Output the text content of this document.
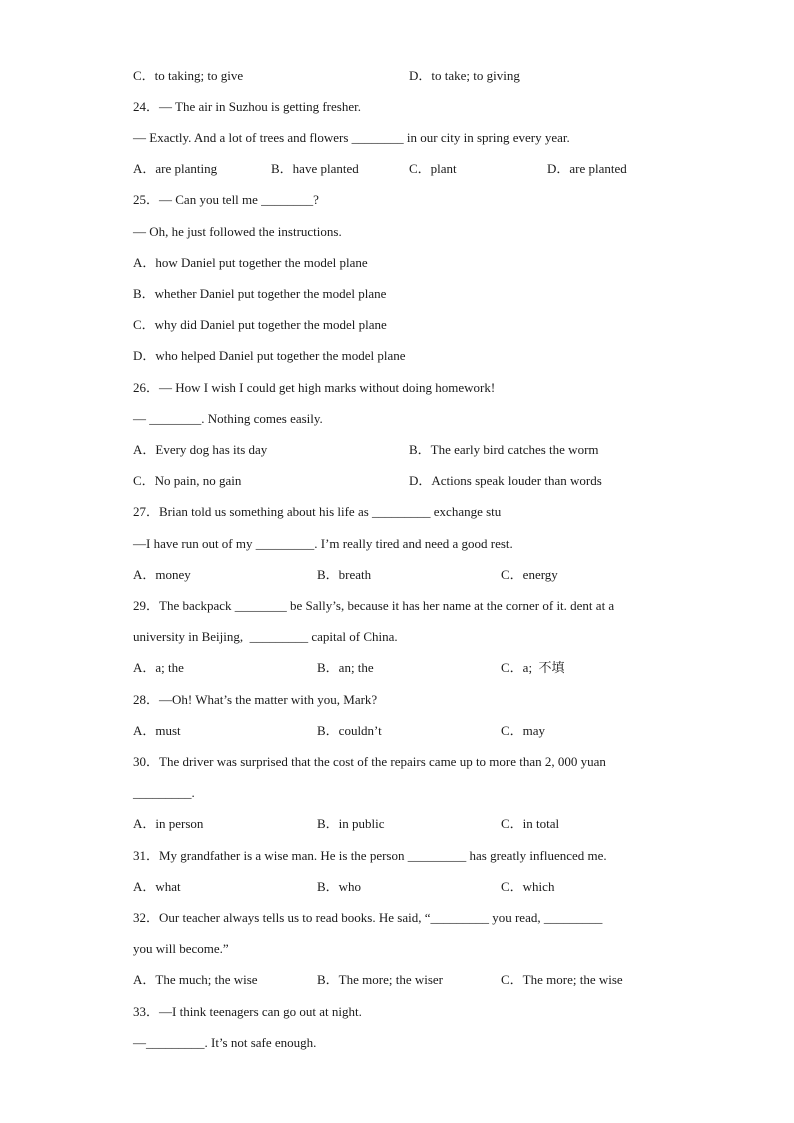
C．to taking; to give	D．to take; to giving
24．— The air in Suzhou is getting fresher.
— Exactly. And a lot of trees and flowers ________ in our city in spring every year.
A．are planting	B．have planted	C．plant	D．are planted
25．— Can you tell me ________?
— Oh, he just followed the instructions.
A．how Daniel put together the model plane
B．whether Daniel put together the model plane
C．why did Daniel put together the model plane
D．who helped Daniel put together the model plane
26．— How I wish I could get high marks without doing homework!
— ________. Nothing comes easily.
A．Every dog has its day	B．The early bird catches the worm
C．No pain, no gain	D．Actions speak louder than words
27．Brian told us something about his life as _________ exchange stu
—I have run out of my _________. I’m really tired and need a good rest.
A．money	B．breath	C．energy
29．The backpack ________ be Sally’s, because it has her name at the corner of it. dent at a
university in Beijing,  _________ capital of China.
A．a; the	B．an; the	C．a;  不填
28．—Oh! What’s the matter with you, Mark?
A．must	B．couldn’t	C．may
30．The driver was surprised that the cost of the repairs came up to more than 2, 000 yuan
_________.
A．in person	B．in public	C．in total
31．My grandfather is a wise man. He is the person _________ has greatly influenced me.
A．what	B．who	C．which
32．Our teacher always tells us to read books. He said, “_________ you read, _________
you will become.”
A．The much; the wise	B．The more; the wiser	C．The more; the wise
33．—I think teenagers can go out at night.
—_________. It’s not safe enough.
